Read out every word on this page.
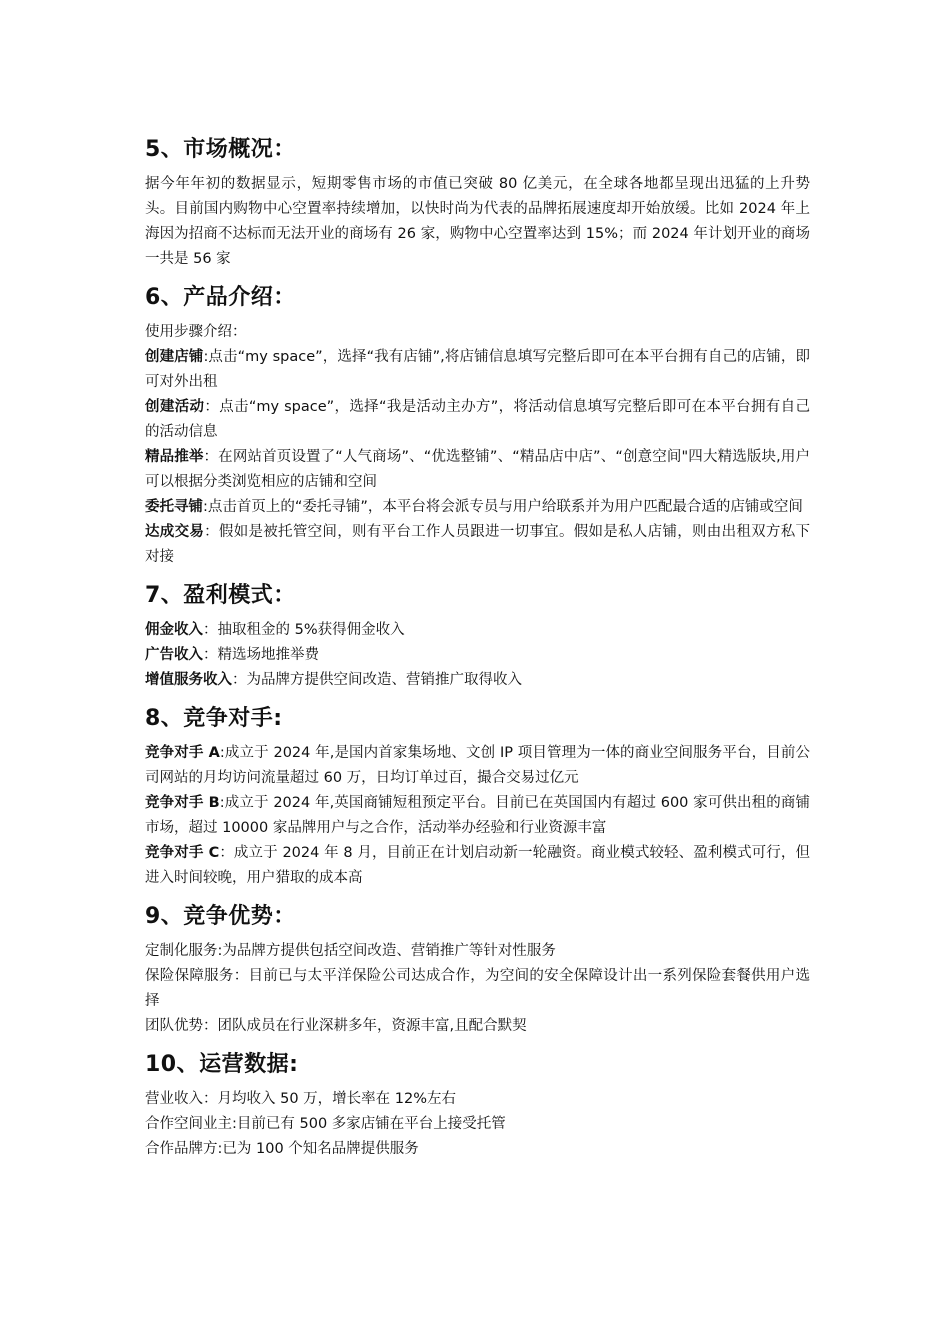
5、市场概况：

据今年年初的数据显示，短期零售市场的市值已突破 80 亿美元，在全球各地都呈现出迅猛的上升势头。目前国内购物中心空置率持续增加，以快时尚为代表的品牌拓展速度却开始放缓。比如 2024 年上海因为招商不达标而无法开业的商场有 26 家，购物中心空置率达到 15%；而 2024 年计划开业的商场一共是 56 家

6、产品介绍：

使用步骤介绍：

创建店铺:点击“my space”，选择“我有店铺”,将店铺信息填写完整后即可在本平台拥有自己的店铺，即可对外出租

创建活动：点击“my space”，选择“我是活动主办方”，将活动信息填写完整后即可在本平台拥有自己的活动信息

精品推举：在网站首页设置了“人气商场”、“优选整铺”、“精品店中店”、“创意空间"四大精选版块,用户可以根据分类浏览相应的店铺和空间

委托寻铺:点击首页上的“委托寻铺”，本平台将会派专员与用户给联系并为用户匹配最合适的店铺或空间

达成交易：假如是被托管空间，则有平台工作人员跟进一切事宜。假如是私人店铺，则由出租双方私下对接

7、盈利模式：

佣金收入：抽取租金的 5%获得佣金收入

广告收入：精选场地推举费

增值服务收入：为品牌方提供空间改造、营销推广取得收入

8、竞争对手:

竞争对手 A:成立于 2024 年,是国内首家集场地、文创 IP 项目管理为一体的商业空间服务平台，目前公司网站的月均访问流量超过 60 万，日均订单过百，撮合交易过亿元

竞争对手 B:成立于 2024 年,英国商铺短租预定平台。目前已在英国国内有超过 600 家可供出租的商铺市场，超过 10000 家品牌用户与之合作，活动举办经验和行业资源丰富

竞争对手 C：成立于 2024 年 8 月，目前正在计划启动新一轮融资。商业模式较轻、盈利模式可行，但进入时间较晚，用户猎取的成本高

9、竞争优势：

定制化服务:为品牌方提供包括空间改造、营销推广等针对性服务

保险保障服务：目前已与太平洋保险公司达成合作，为空间的安全保障设计出一系列保险套餐供用户选择

团队优势：团队成员在行业深耕多年，资源丰富,且配合默契

10、运营数据:

营业收入：月均收入 50 万，增长率在 12%左右

合作空间业主:目前已有 500 多家店铺在平台上接受托管

合作品牌方:已为 100 个知名品牌提供服务
